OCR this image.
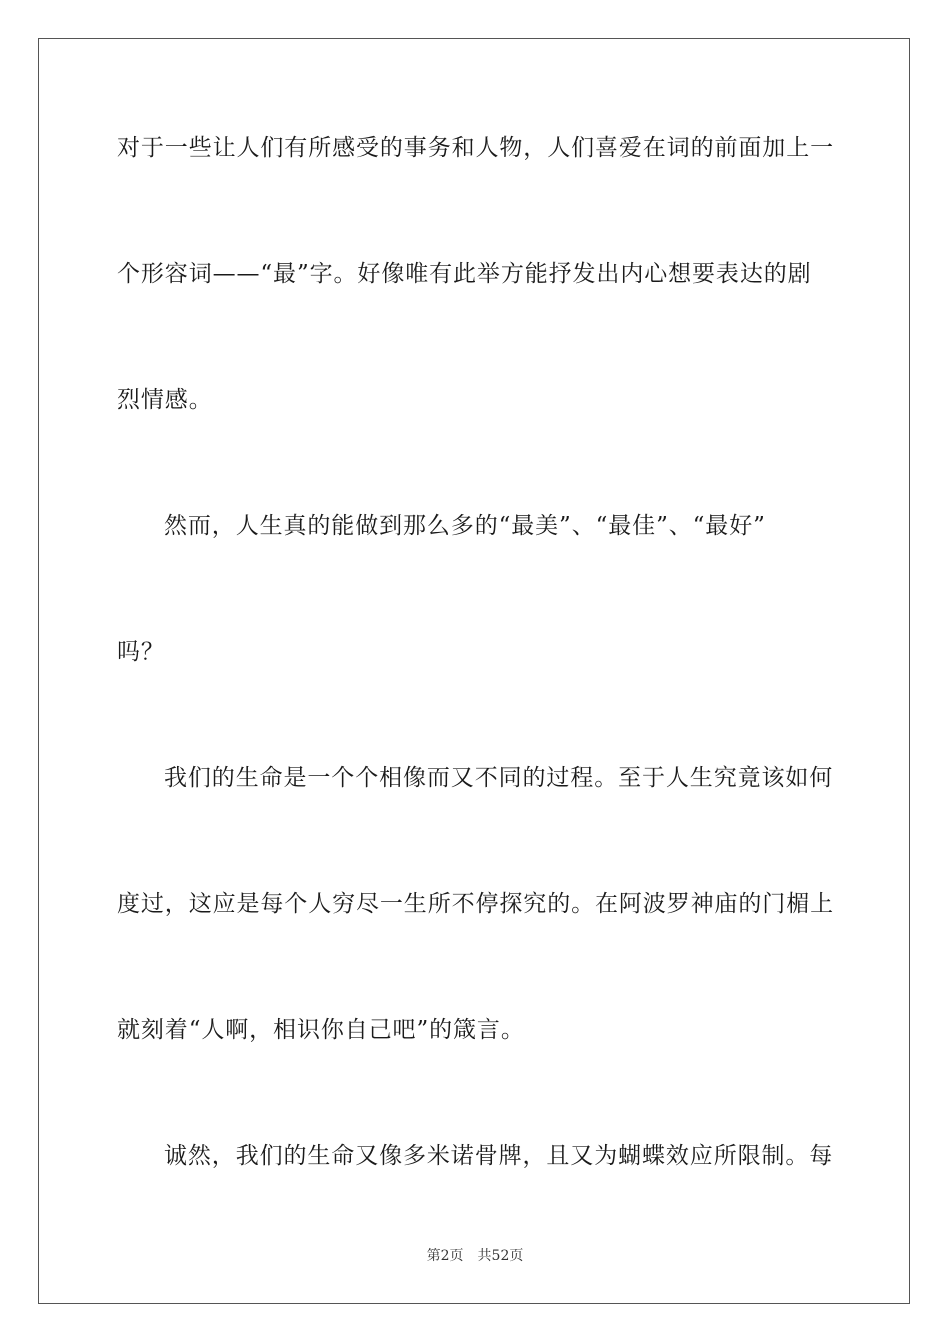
对于一些让人们有所感受的事务和人物，人们喜爱在词的前面加上一
个形容词——“最”字。好像唯有此举方能抒发出内心想要表达的剧
烈情感。
然而，人生真的能做到那么多的“最美”、“最佳”、“最好”
吗？
我们的生命是一个个相像而又不同的过程。至于人生究竟该如何
度过，这应是每个人穷尽一生所不停探究的。在阿波罗神庙的门楣上
就刻着“人啊，相识你自己吧”的箴言。
诚然，我们的生命又像多米诺骨牌，且又为蝴蝶效应所限制。每
第2页 共52页
